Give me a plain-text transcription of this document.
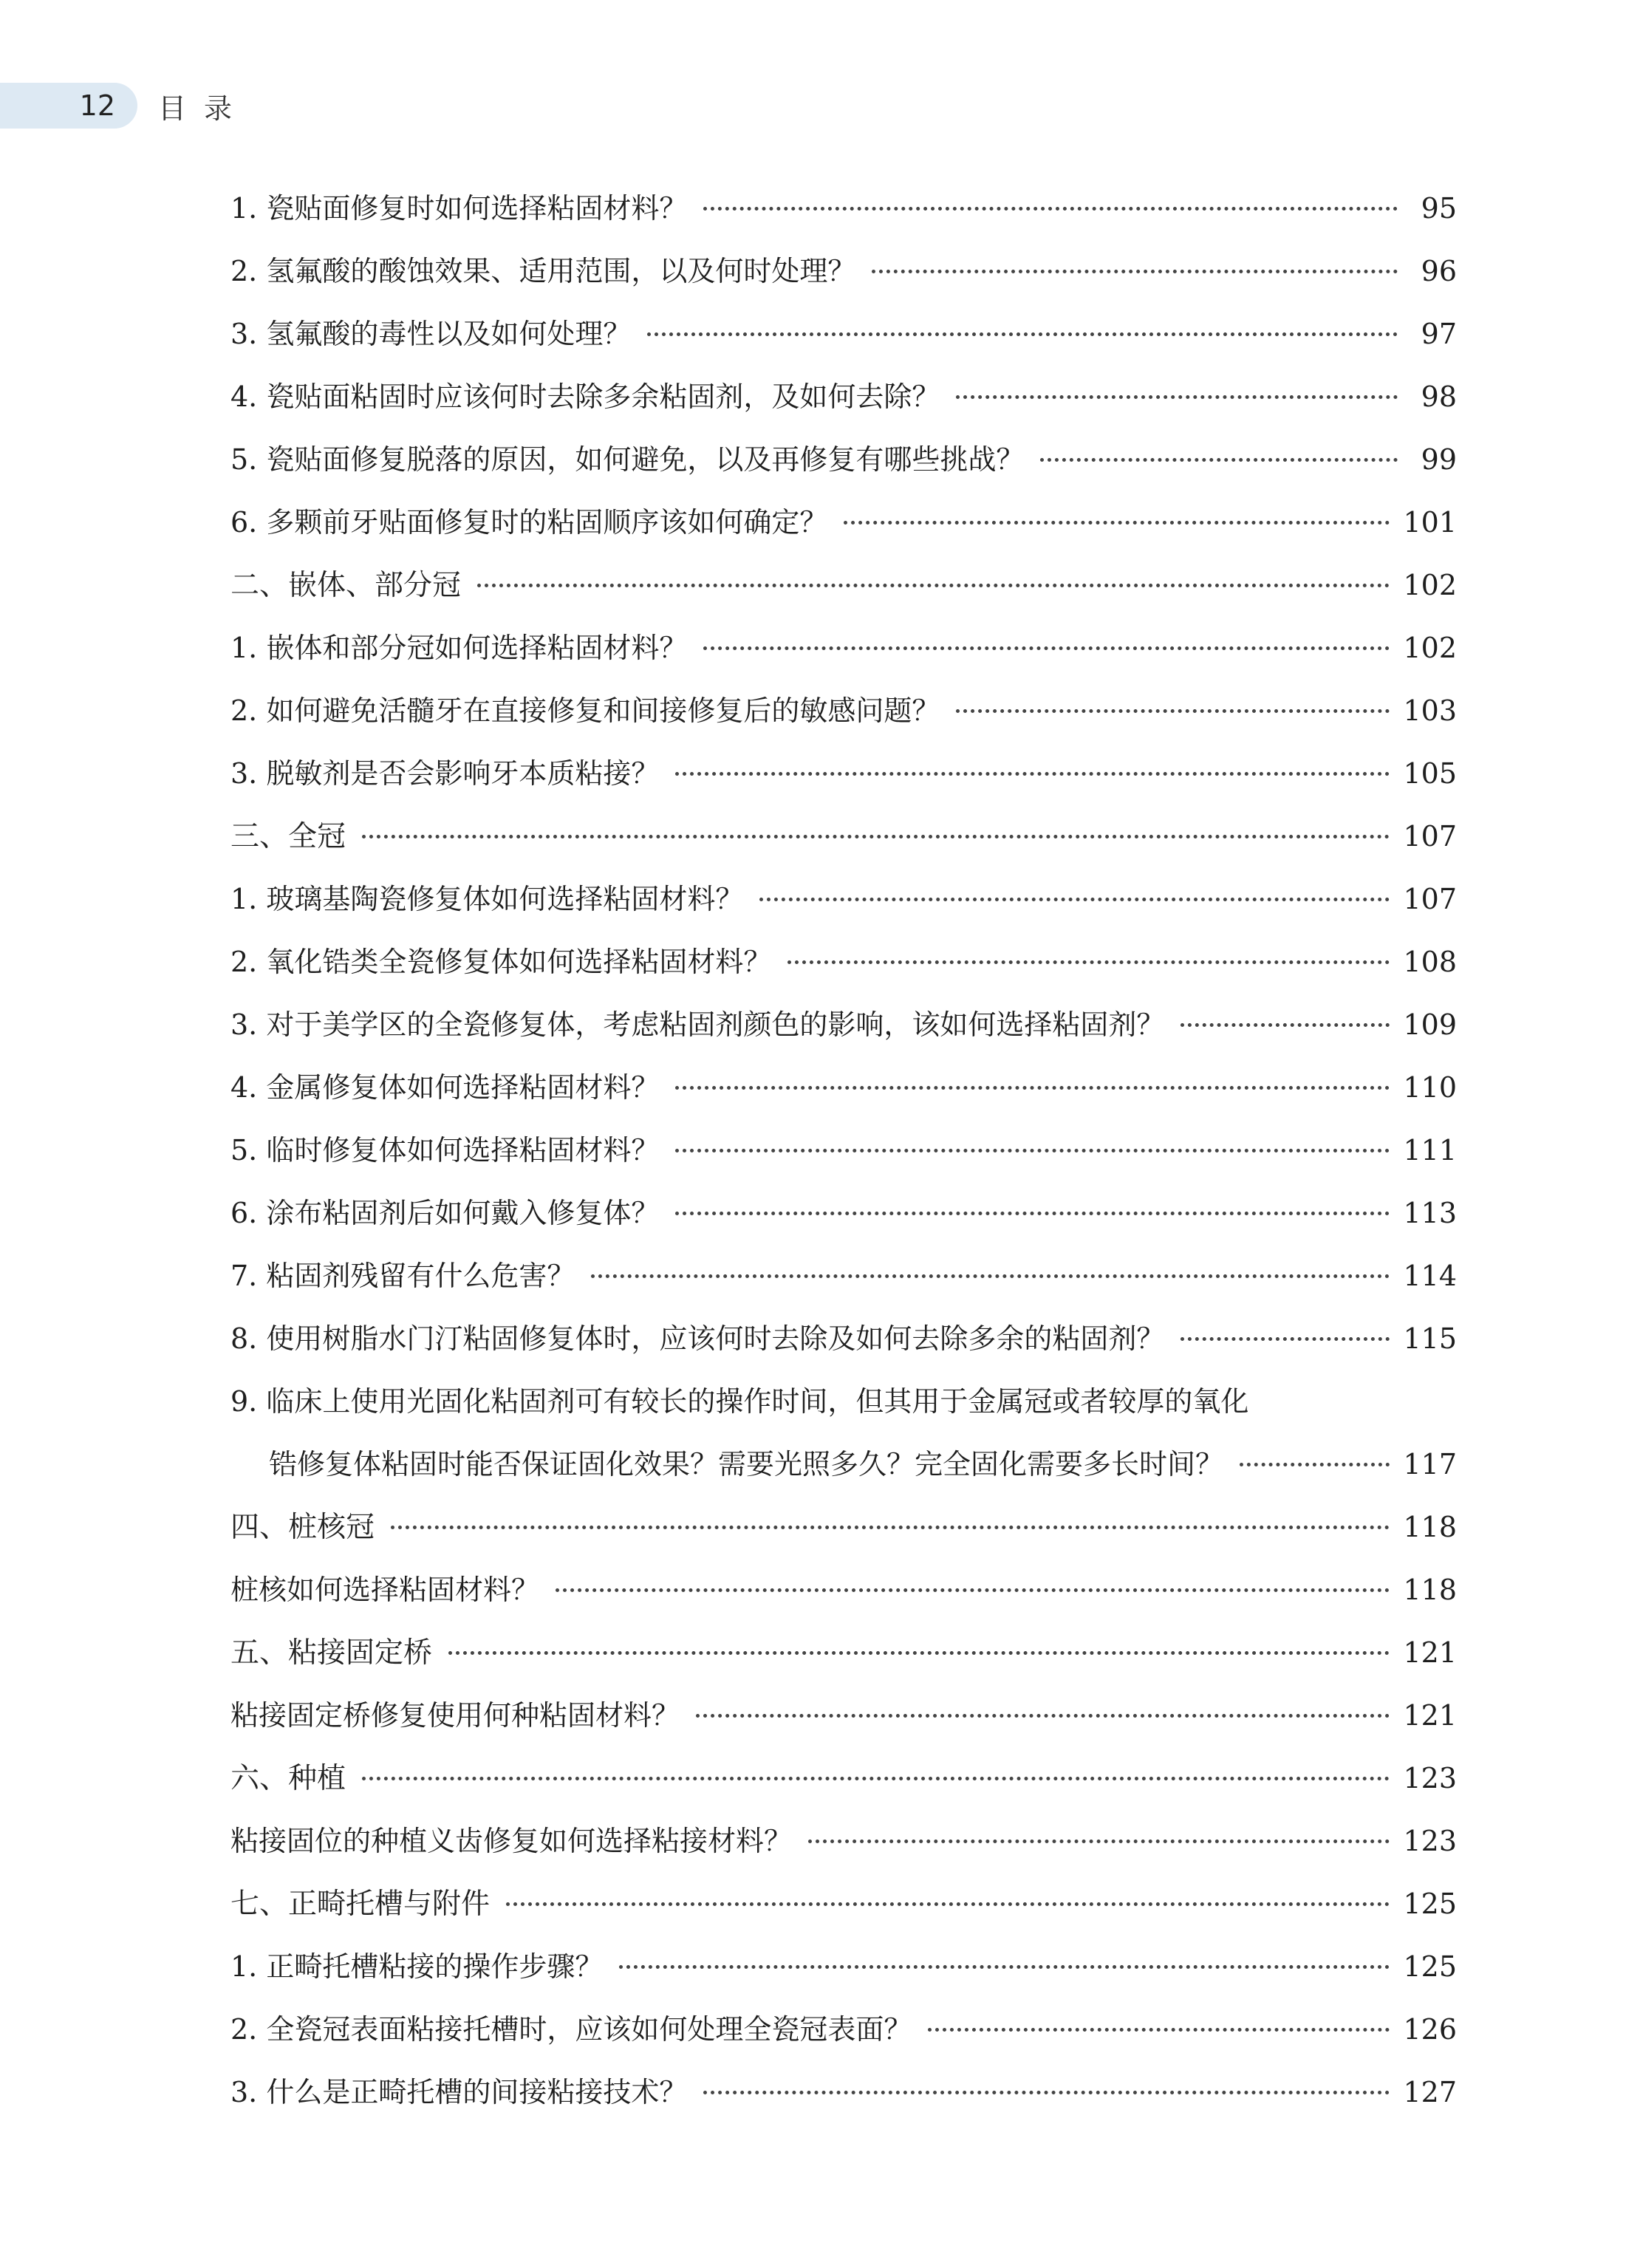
12	目录
1. 瓷贴面修复时如何选择粘固材料？	95
2. 氢氟酸的酸蚀效果、适用范围，以及何时处理？	96
3. 氢氟酸的毒性以及如何处理？	97
4. 瓷贴面粘固时应该何时去除多余粘固剂，及如何去除？	98
5. 瓷贴面修复脱落的原因，如何避免，以及再修复有哪些挑战？	99
6. 多颗前牙贴面修复时的粘固顺序该如何确定？	101
二、嵌体、部分冠	102
1. 嵌体和部分冠如何选择粘固材料？	102
2. 如何避免活髓牙在直接修复和间接修复后的敏感问题？	103
3. 脱敏剂是否会影响牙本质粘接？	105
三、全冠	107
1. 玻璃基陶瓷修复体如何选择粘固材料？	107
2. 氧化锆类全瓷修复体如何选择粘固材料？	108
3. 对于美学区的全瓷修复体，考虑粘固剂颜色的影响，该如何选择粘固剂？	109
4. 金属修复体如何选择粘固材料？	110
5. 临时修复体如何选择粘固材料？	111
6. 涂布粘固剂后如何戴入修复体？	113
7. 粘固剂残留有什么危害？	114
8. 使用树脂水门汀粘固修复体时，应该何时去除及如何去除多余的粘固剂？	115
9. 临床上使用光固化粘固剂可有较长的操作时间，但其用于金属冠或者较厚的氧化
锆修复体粘固时能否保证固化效果？需要光照多久？完全固化需要多长时间？	117
四、桩核冠	118
桩核如何选择粘固材料？	118
五、粘接固定桥	121
粘接固定桥修复使用何种粘固材料？	121
六、种植	123
粘接固位的种植义齿修复如何选择粘接材料？	123
七、正畸托槽与附件	125
1. 正畸托槽粘接的操作步骤？	125
2. 全瓷冠表面粘接托槽时，应该如何处理全瓷冠表面？	126
3. 什么是正畸托槽的间接粘接技术？	127
